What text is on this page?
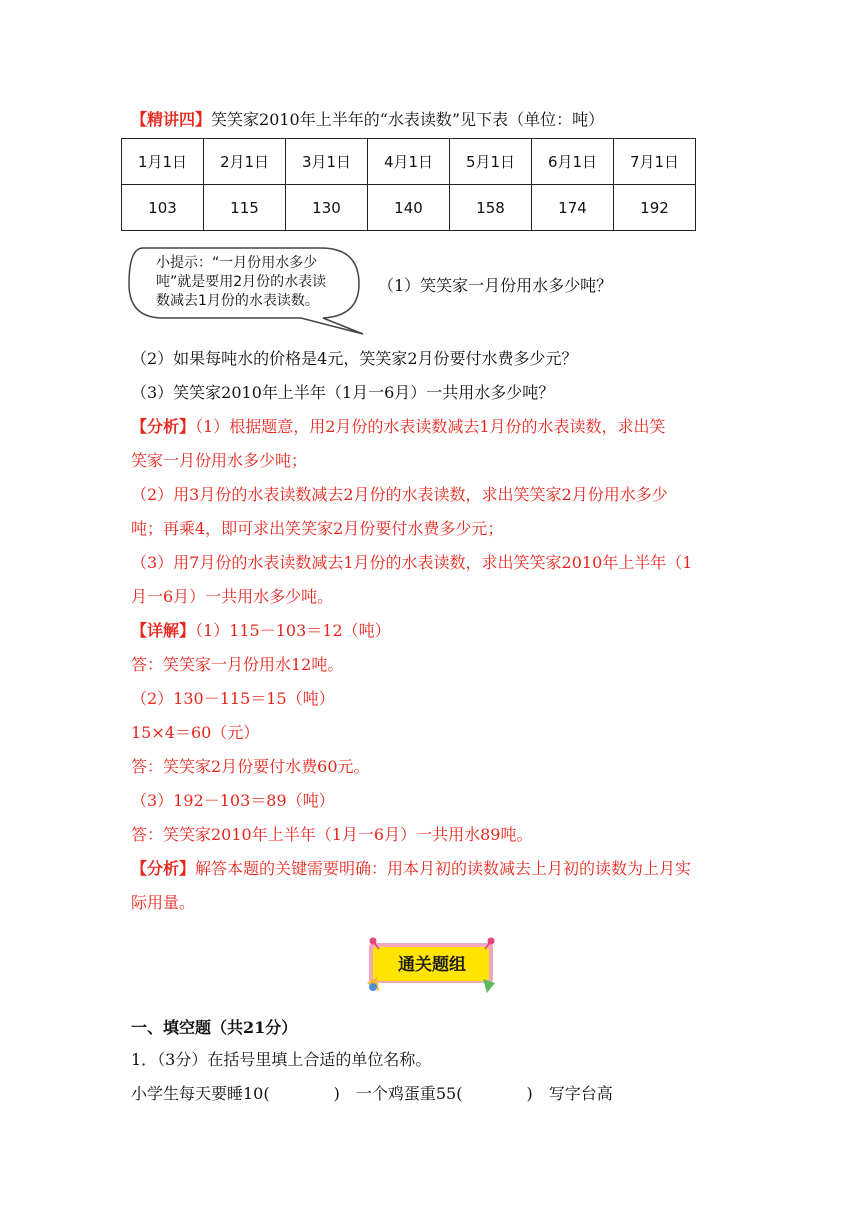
【精讲四】笑笑家2010年上半年的“水表读数”见下表（单位：吨）
1月1日	2月1日	3月1日	4月1日	5月1日	6月1日	7月1日
103	115	130	140	158	174	192
小提示：“一月份用水多少
吨”就是要用2月份的水表读
数减去1月份的水表读数。
（1）笑笑家一月份用水多少吨？
（2）如果每吨水的价格是4元，笑笑家2月份要付水费多少元？
（3）笑笑家2010年上半年（1月一6月）一共用水多少吨？
【分析】（1）根据题意，用2月份的水表读数减去1月份的水表读数，求出笑
笑家一月份用水多少吨；
（2）用3月份的水表读数减去2月份的水表读数，求出笑笑家2月份用水多少
吨；再乘4，即可求出笑笑家2月份要付水费多少元；
（3）用7月份的水表读数减去1月份的水表读数，求出笑笑家2010年上半年（1
月一6月）一共用水多少吨。
【详解】（1）115－103＝12（吨）
答：笑笑家一月份用水12吨。
（2）130－115＝15（吨）
15×4＝60（元）
答：笑笑家2月份要付水费60元。
（3）192－103＝89（吨）
答：笑笑家2010年上半年（1月一6月）一共用水89吨。
【分析】解答本题的关键需要明确：用本月初的读数减去上月初的读数为上月实
际用量。
通关题组
一、填空题（共21分）
1．（3分）在括号里填上合适的单位名称。
小学生每天要睡10(　　　　)　一个鸡蛋重55(　　　　)　写字台高
